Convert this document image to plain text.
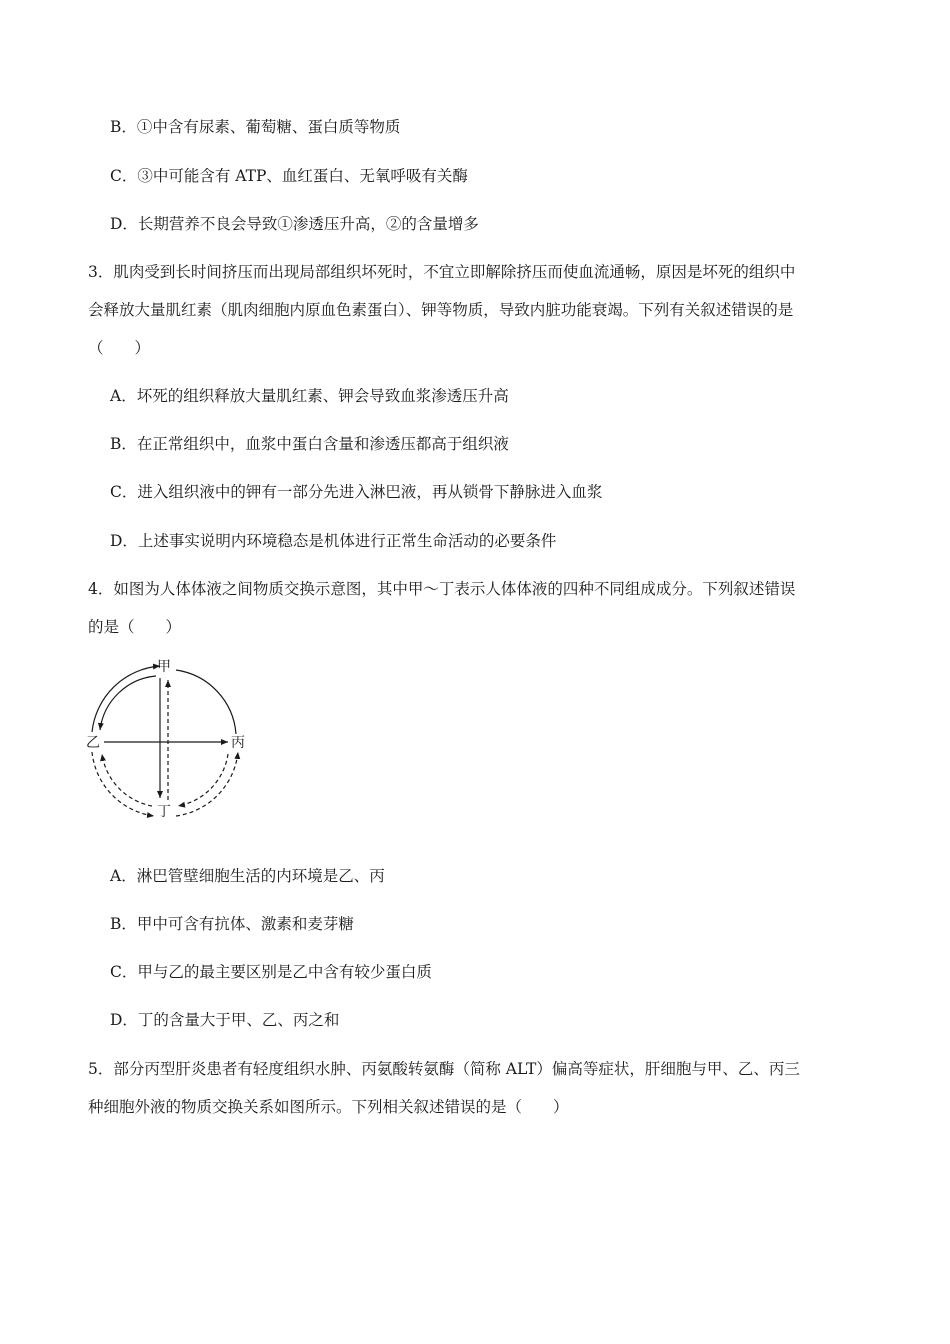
B．①中含有尿素、葡萄糖、蛋白质等物质
C．③中可能含有 ATP、血红蛋白、无氧呼吸有关酶
D．长期营养不良会导致①渗透压升高，②的含量增多
3．肌肉受到长时间挤压而出现局部组织坏死时，不宜立即解除挤压而使血流通畅，原因是坏死的组织中
会释放大量肌红素（肌肉细胞内原血色素蛋白）、钾等物质，导致内脏功能衰竭。下列有关叙述错误的是
（　　）
A．坏死的组织释放大量肌红素、钾会导致血浆渗透压升高
B．在正常组织中，血浆中蛋白含量和渗透压都高于组织液
C．进入组织液中的钾有一部分先进入淋巴液，再从锁骨下静脉进入血浆
D．上述事实说明内环境稳态是机体进行正常生命活动的必要条件
4．如图为人体体液之间物质交换示意图，其中甲～丁表示人体体液的四种不同组成成分。下列叙述错误
的是（　　）
甲
乙	丙
丁
A．淋巴管壁细胞生活的内环境是乙、丙
B．甲中可含有抗体、激素和麦芽糖
C．甲与乙的最主要区别是乙中含有较少蛋白质
D．丁的含量大于甲、乙、丙之和
5．部分丙型肝炎患者有轻度组织水肿、丙氨酸转氨酶（简称 ALT）偏高等症状，肝细胞与甲、乙、丙三
种细胞外液的物质交换关系如图所示。下列相关叙述错误的是（　　）
